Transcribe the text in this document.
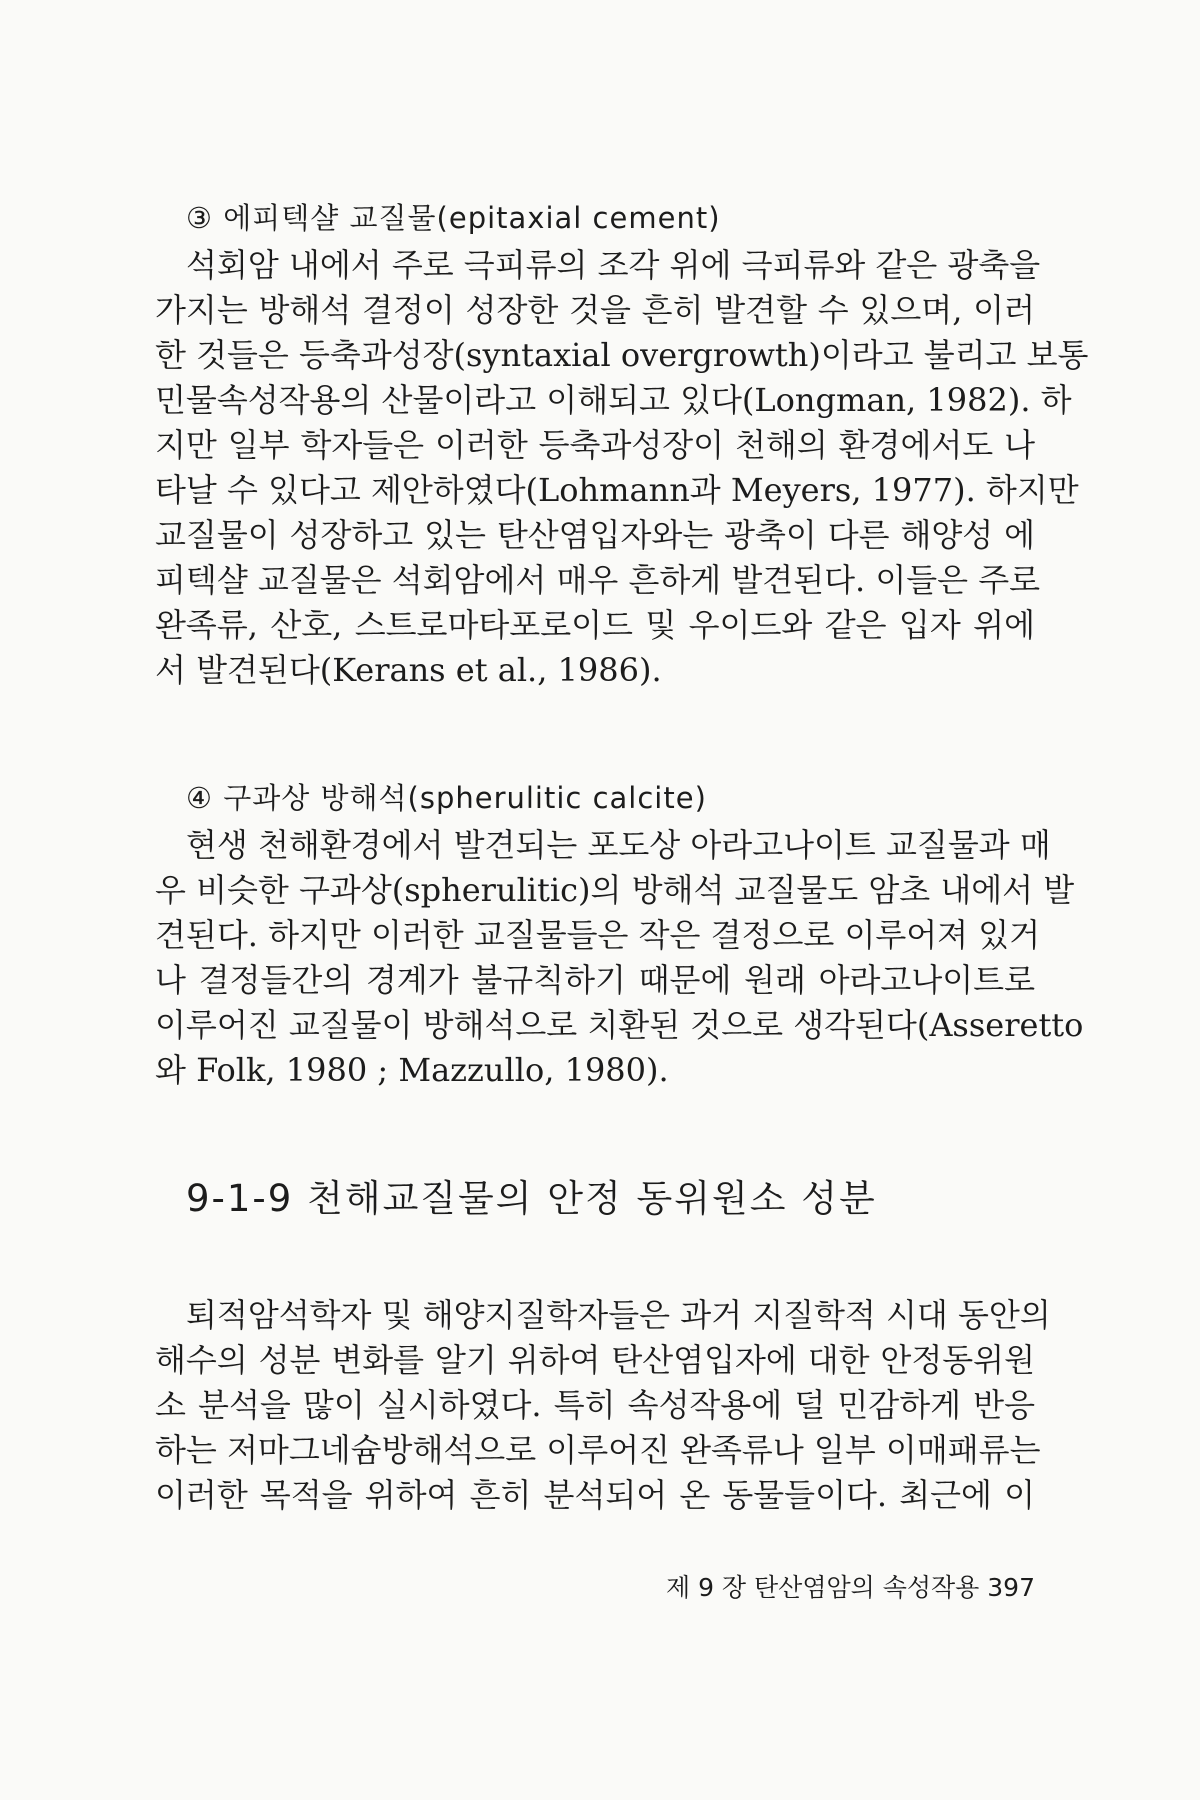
③ 에피텍샬 교질물(epitaxial cement)
석회암 내에서 주로 극피류의 조각 위에 극피류와 같은 광축을
가지는 방해석 결정이 성장한 것을 흔히 발견할 수 있으며, 이러
한 것들은 등축과성장(syntaxial overgrowth)이라고 불리고 보통
민물속성작용의 산물이라고 이해되고 있다(Longman, 1982). 하
지만 일부 학자들은 이러한 등축과성장이 천해의 환경에서도 나
타날 수 있다고 제안하였다(Lohmann과 Meyers, 1977). 하지만
교질물이 성장하고 있는 탄산염입자와는 광축이 다른 해양성 에
피텍샬 교질물은 석회암에서 매우 흔하게 발견된다. 이들은 주로
완족류, 산호, 스트로마타포로이드 및 우이드와 같은 입자 위에
서 발견된다(Kerans et al., 1986).
④ 구과상 방해석(spherulitic calcite)
현생 천해환경에서 발견되는 포도상 아라고나이트 교질물과 매
우 비슷한 구과상(spherulitic)의 방해석 교질물도 암초 내에서 발
견된다. 하지만 이러한 교질물들은 작은 결정으로 이루어져 있거
나 결정들간의 경계가 불규칙하기 때문에 원래 아라고나이트로
이루어진 교질물이 방해석으로 치환된 것으로 생각된다(Asseretto
와 Folk, 1980 ; Mazzullo, 1980).
9-1-9 천해교질물의 안정 동위원소 성분
퇴적암석학자 및 해양지질학자들은 과거 지질학적 시대 동안의
해수의 성분 변화를 알기 위하여 탄산염입자에 대한 안정동위원
소 분석을 많이 실시하였다. 특히 속성작용에 덜 민감하게 반응
하는 저마그네슘방해석으로 이루어진 완족류나 일부 이매패류는
이러한 목적을 위하여 흔히 분석되어 온 동물들이다. 최근에 이
제 9 장 탄산염암의 속성작용 397
